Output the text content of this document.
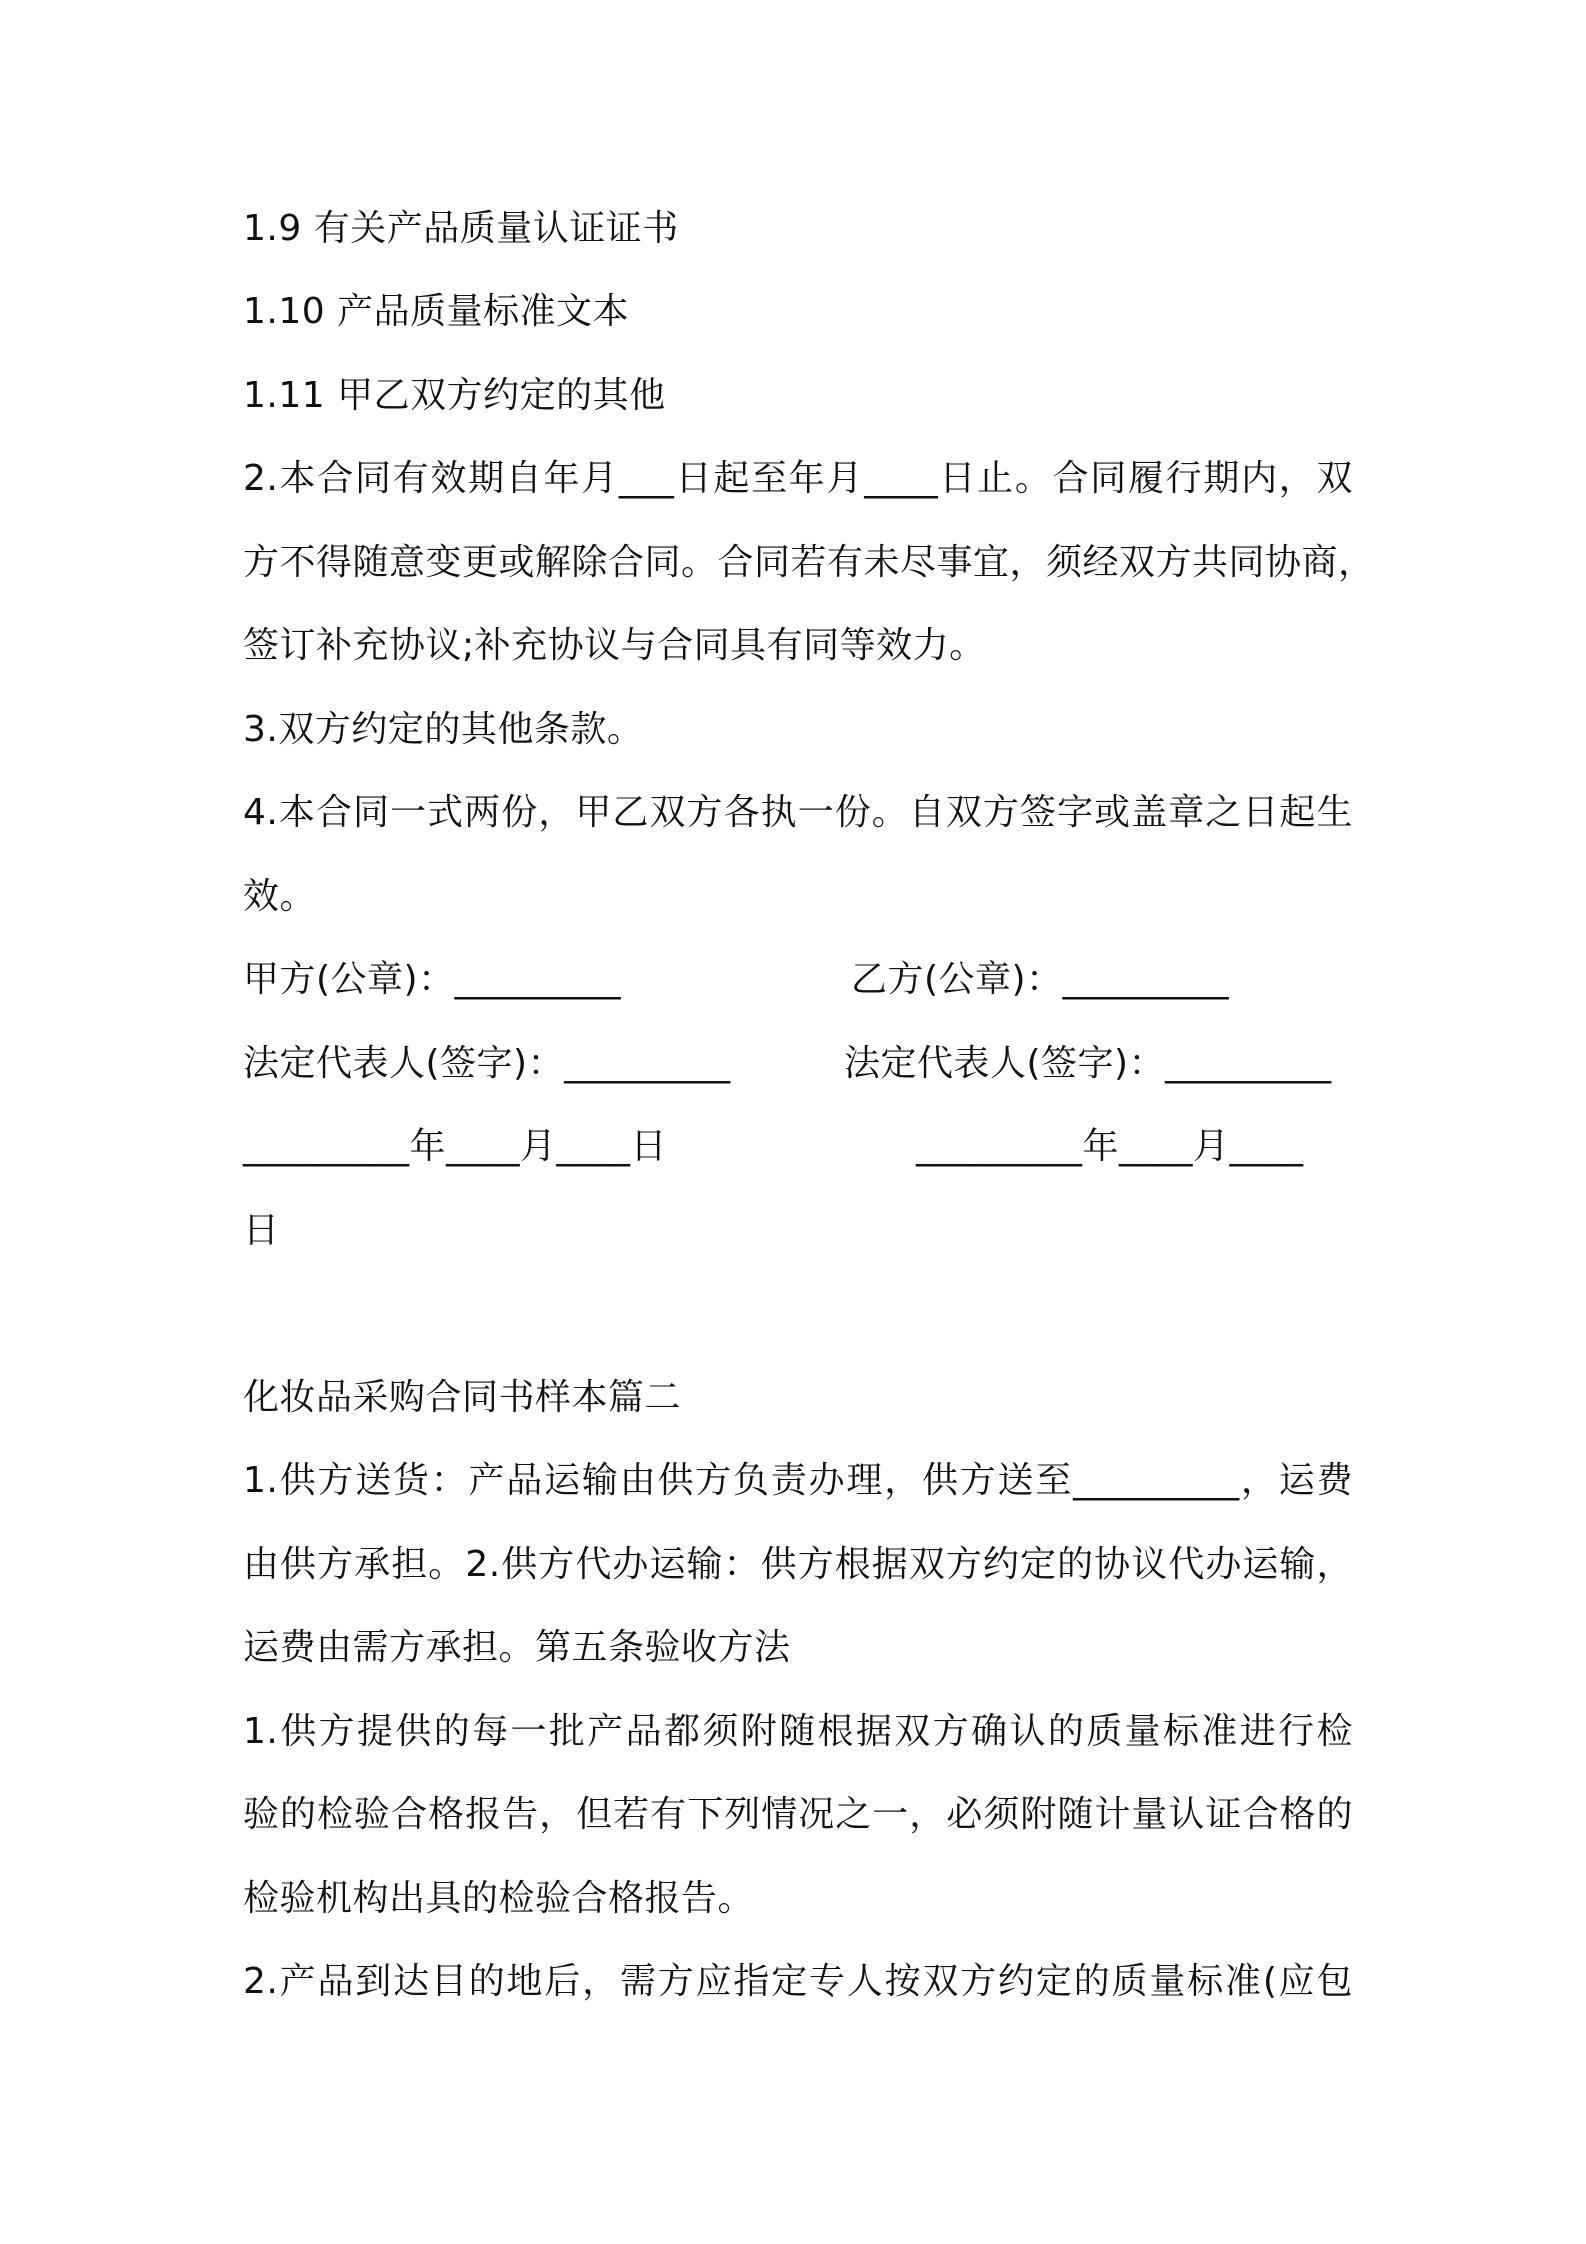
1.9 有关产品质量认证证书
1.10 产品质量标准文本
1.11 甲乙双方约定的其他
2.本合同有效期自年月___日起至年月____日止。合同履行期内，双
方不得随意变更或解除合同。合同若有未尽事宜，须经双方共同协商，
签订补充协议;补充协议与合同具有同等效力。
3.双方约定的其他条款。
4.本合同一式两份，甲乙双方各执一份。自双方签字或盖章之日起生
效。
甲方(公章)：_________	乙方(公章)：_________
法定代表人(签字)：_________	法定代表人(签字)：_________
_________年____月____日	_________年____月____
日
化妆品采购合同书样本篇二
1.供方送货：产品运输由供方负责办理，供方送至_________，运费
由供方承担。2.供方代办运输：供方根据双方约定的协议代办运输，
运费由需方承担。第五条验收方法
1.供方提供的每一批产品都须附随根据双方确认的质量标准进行检
验的检验合格报告，但若有下列情况之一，必须附随计量认证合格的
检验机构出具的检验合格报告。
2.产品到达目的地后，需方应指定专人按双方约定的质量标准(应包
